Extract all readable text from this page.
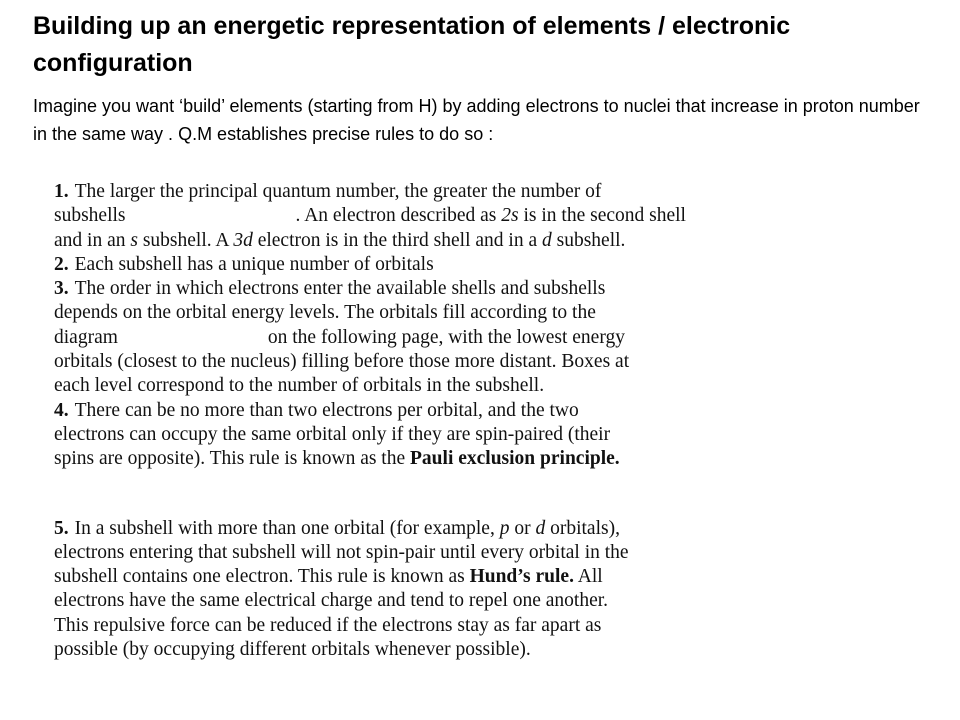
Building up an energetic representation of elements / electronic configuration

Imagine you want ‘build’ elements (starting from H) by adding electrons to nuclei that increase in proton number in the same way . Q.M establishes precise rules to do so :

1. The larger the principal quantum number, the greater the number of
subshells	. An electron described as 2s is in the second shell
and in an s subshell. A 3d electron is in the third shell and in a d subshell.
2. Each subshell has a unique number of orbitals
3. The order in which electrons enter the available shells and subshells
depends on the orbital energy levels. The orbitals fill according to the
diagram	on the following page, with the lowest energy
orbitals (closest to the nucleus) filling before those more distant. Boxes at
each level correspond to the number of orbitals in the subshell.
4. There can be no more than two electrons per orbital, and the two
electrons can occupy the same orbital only if they are spin-paired (their
spins are opposite). This rule is known as the Pauli exclusion principle.
5. In a subshell with more than one orbital (for example, p or d orbitals),
electrons entering that subshell will not spin-pair until every orbital in the
subshell contains one electron. This rule is known as Hund’s rule. All
electrons have the same electrical charge and tend to repel one another.
This repulsive force can be reduced if the electrons stay as far apart as
possible (by occupying different orbitals whenever possible).
